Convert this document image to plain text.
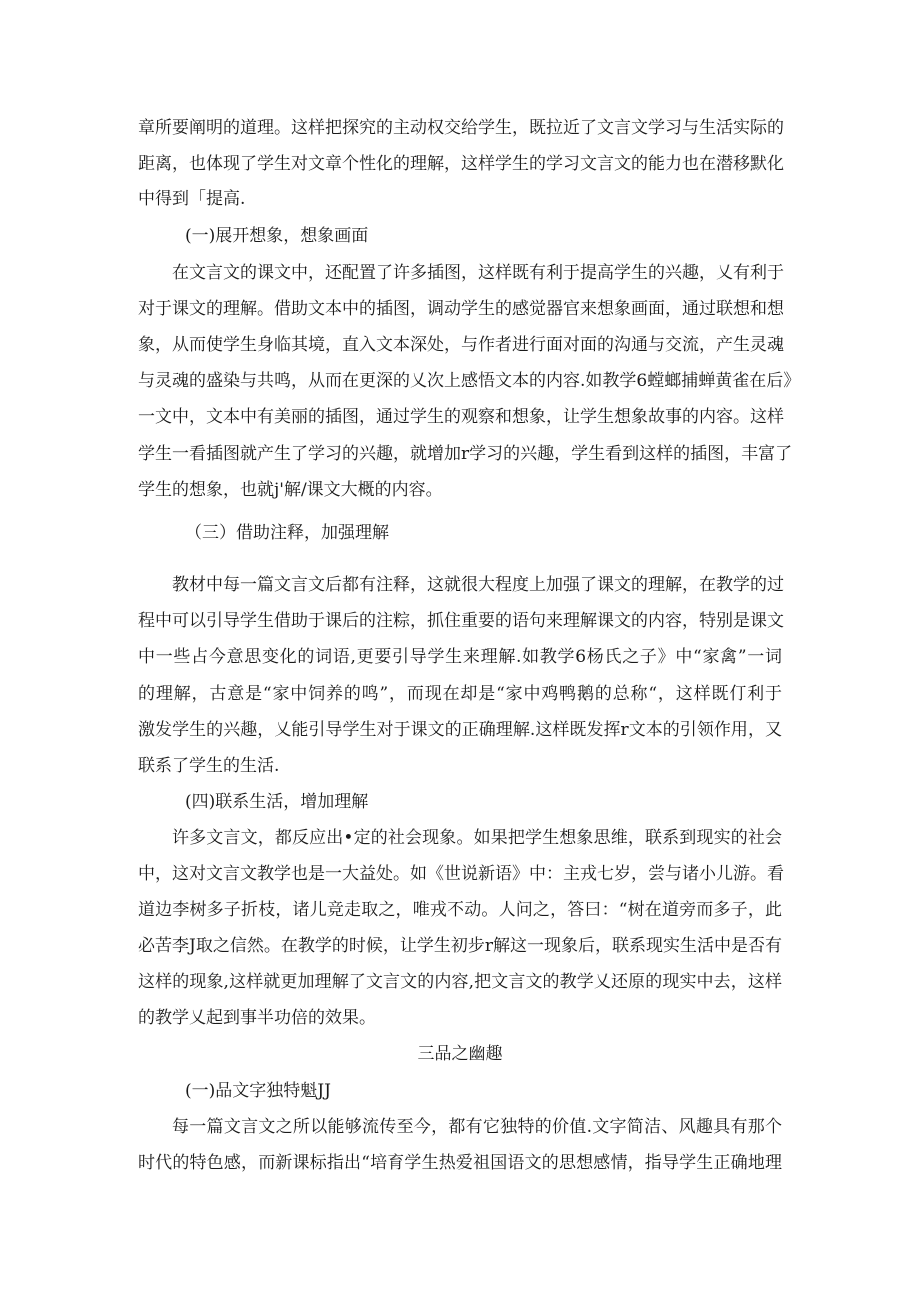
章所要阐明的道理。这样把探究的主动权交给学生，既拉近了文言文学习与生活实际的
距离，也体现了学生对文章个性化的理解，这样学生的学习文言文的能力也在潜移默化
中得到「提高.
(一)展开想象，想象画面
在文言文的课文中，还配置了许多插图，这样既有利于提高学生的兴趣，乂有利于
对于课文的理解。借助文本中的插图，调动学生的感觉器官来想象画面，通过联想和想
象，从而使学生身临其境，直入文本深处，与作者进行面对面的沟通与交流，产生灵魂
与灵魂的盛染与共鸣，从而在更深的乂次上感悟文本的内容.如教学6螳螂捕蝉黄雀在后》
一文中，文本中有美丽的插图，通过学生的观察和想象，让学生想象故事的内容。这样
学生一看插图就产生了学习的兴趣，就增加r学习的兴趣，学生看到这样的插图，丰富了
学生的想象，也就j'解/课文大概的内容。
（三）借助注释，加强理解
教材中每一篇文言文后都有注释，这就很大程度上加强了课文的理解，在教学的过
程中可以引导学生借助于课后的注粽，抓住重要的语句来理解课文的内容，特别是课文
中一些占今意思变化的词语,更要引导学生来理解.如教学6杨氏之子》中“家禽”一词
的理解，古意是“家中饲养的鸣”，而现在却是“家中鸡鸭鹅的总称“，这样既仃利于
激发学生的兴趣，乂能引导学生对于课文的正确理解.这样既发挥r文本的引领作用，又
联系了学生的生活.
(四)联系生活，增加理解
许多文言文，都反应出•定的社会现象。如果把学生想象思维，联系到现实的社会
中，这对文言文教学也是一大益处。如《世说新语》中：主戎七岁，尝与诸小儿游。看
道边李树多子折枝，诸儿竞走取之，唯戎不动。人问之，答曰：“树在道旁而多子，此
必苦李J取之信然。在教学的时候，让学生初步r解这一现象后，联系现实生活中是否有
这样的现象,这样就更加理解了文言文的内容,把文言文的教学乂还原的现实中去，这样
的教学乂起到事半功倍的效果。
三品之幽趣
(一)品文字独特魁JJ
每一篇文言文之所以能够流传至今，都有它独特的价值.文字简洁、风趣具有那个
时代的特色感，而新课标指出“培育学生热爱祖国语文的思想感情，指导学生正确地理
